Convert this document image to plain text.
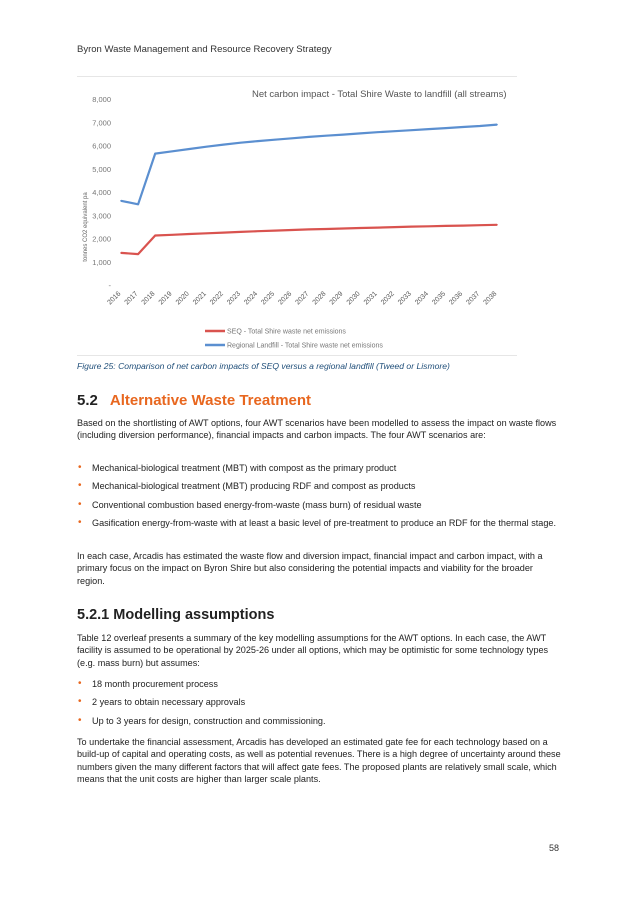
Byron Waste Management and Resource Recovery Strategy
Net carbon impact - Total Shire Waste to landfill (all streams)
tonnes CO2 equivalent pa
-
1,000
2,000
3,000
4,000
5,000
6,000
7,000
8,000
2016 2017 2018 2019 2020 2021 2022 2023 2024 2025 2026 2027 2028 2029 2030 2031 2032 2033 2034 2035 2036 2037 2038
SEQ - Total Shire waste net emissions
Regional Landfill - Total Shire waste net emissions
Figure 25: Comparison of net carbon impacts of SEQ versus a regional landfill (Tweed or Lismore)
5.2 Alternative Waste Treatment
Based on the shortlisting of AWT options, four AWT scenarios have been modelled to assess the impact on waste flows (including diversion performance), financial impacts and carbon impacts. The four AWT scenarios are:
• Mechanical-biological treatment (MBT) with compost as the primary product
• Mechanical-biological treatment (MBT) producing RDF and compost as products
• Conventional combustion based energy-from-waste (mass burn) of residual waste
• Gasification energy-from-waste with at least a basic level of pre-treatment to produce an RDF for the thermal stage.
In each case, Arcadis has estimated the waste flow and diversion impact, financial impact and carbon impact, with a primary focus on the impact on Byron Shire but also considering the potential impacts and viability for the broader region.
5.2.1 Modelling assumptions
Table 12 overleaf presents a summary of the key modelling assumptions for the AWT options. In each case, the AWT facility is assumed to be operational by 2025-26 under all options, which may be optimistic for some technology types (e.g. mass burn) but assumes:
• 18 month procurement process
• 2 years to obtain necessary approvals
• Up to 3 years for design, construction and commissioning.
To undertake the financial assessment, Arcadis has developed an estimated gate fee for each technology based on a build-up of capital and operating costs, as well as potential revenues. There is a high degree of uncertainty around these numbers given the many different factors that will affect gate fees. The proposed plants are relatively small scale, which means that the unit costs are higher than larger scale plants.
58
